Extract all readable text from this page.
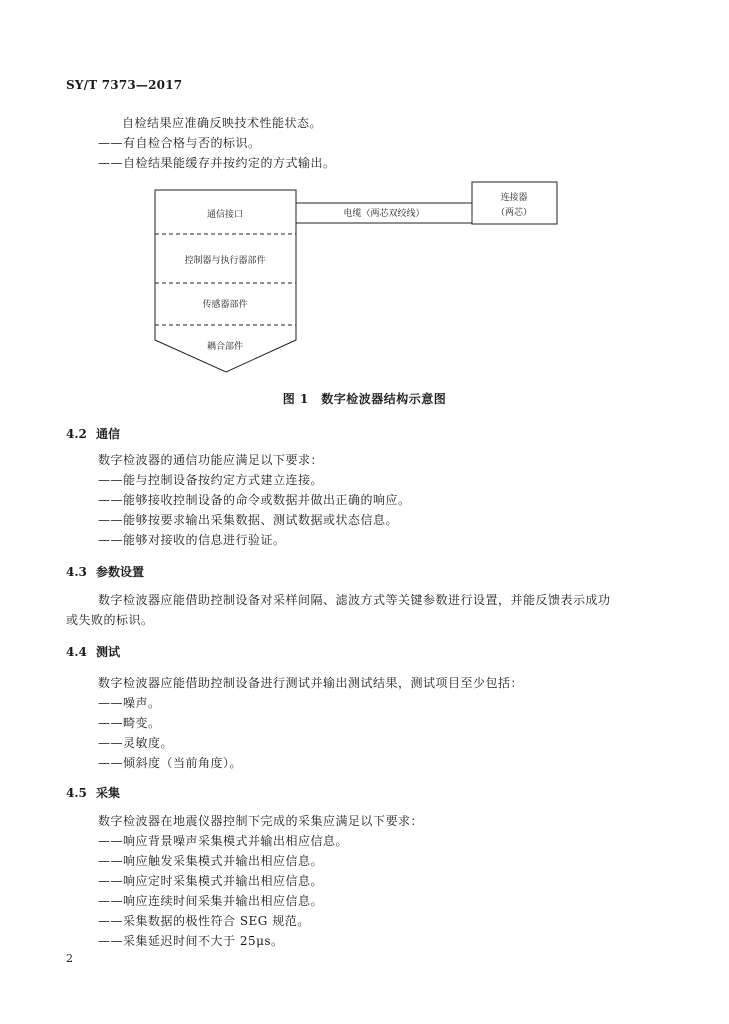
SY/T 7373—2017
自检结果应准确反映技术性能状态。
——有自检合格与否的标识。
——自检结果能缓存并按约定的方式输出。
通信接口
控制器与执行器部件
传感器部件
耦合部件
电缆（两芯双绞线）
连接器
（两芯）
图 1　数字检波器结构示意图
4.2 通信
数字检波器的通信功能应满足以下要求：
——能与控制设备按约定方式建立连接。
——能够接收控制设备的命令或数据并做出正确的响应。
——能够按要求输出采集数据、测试数据或状态信息。
——能够对接收的信息进行验证。
4.3 参数设置
数字检波器应能借助控制设备对采样间隔、滤波方式等关键参数进行设置，并能反馈表示成功
或失败的标识。
4.4 测试
数字检波器应能借助控制设备进行测试并输出测试结果，测试项目至少包括：
——噪声。
——畸变。
——灵敏度。
——倾斜度（当前角度）。
4.5 采集
数字检波器在地震仪器控制下完成的采集应满足以下要求：
——响应背景噪声采集模式并输出相应信息。
——响应触发采集模式并输出相应信息。
——响应定时采集模式并输出相应信息。
——响应连续时间采集并输出相应信息。
——采集数据的极性符合 SEG 规范。
——采集延迟时间不大于 25μs。
2
